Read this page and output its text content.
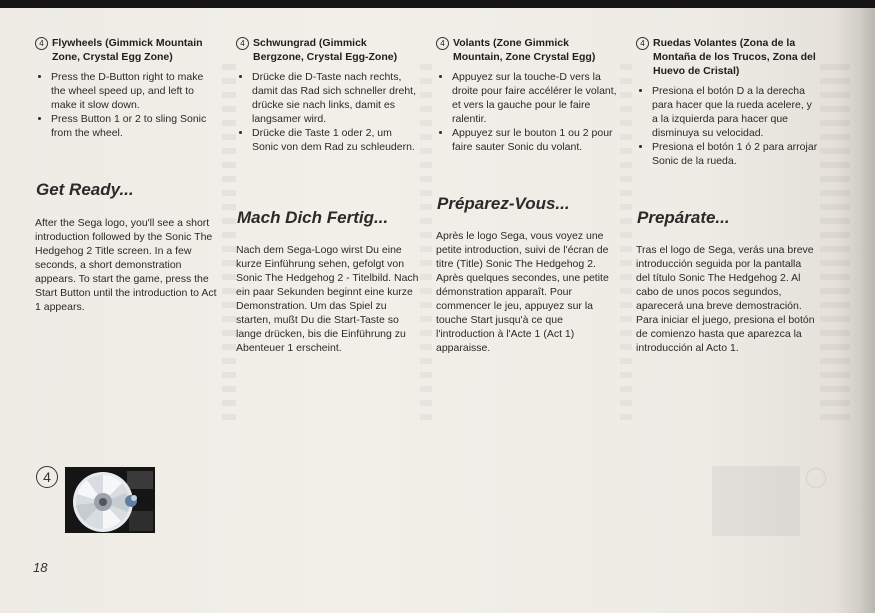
4 Flywheels (Gimmick Mountain Zone, Crystal Egg Zone)
• Press the D-Button right to make the wheel speed up, and left to make it slow down.
• Press Button 1 or 2 to sling Sonic from the wheel.
Get Ready...
After the Sega logo, you'll see a short introduction followed by the Sonic The Hedgehog 2 Title screen. In a few seconds, a short demonstration appears. To start the game, press the Start Button until the introduction to Act 1 appears.
4 Schwungrad (Gimmick Bergzone, Crystal Egg-Zone)
• Drücke die D-Taste nach rechts, damit das Rad sich schneller dreht, drücke sie nach links, damit es langsamer wird.
• Drücke die Taste 1 oder 2, um Sonic von dem Rad zu schleudern.
Mach Dich Fertig...
Nach dem Sega-Logo wirst Du eine kurze Einführung sehen, gefolgt von Sonic The Hedgehog 2 - Titelbild. Nach ein paar Sekunden beginnt eine kurze Demonstration. Um das Spiel zu starten, mußt Du die Start-Taste so lange drücken, bis die Einführung zu Abenteuer 1 erscheint.
4 Volants (Zone Gimmick Mountain, Zone Crystal Egg)
• Appuyez sur la touche-D vers la droite pour faire accélérer le volant, et vers la gauche pour le faire ralentir.
• Appuyez sur le bouton 1 ou 2 pour faire sauter Sonic du volant.
Préparez-Vous...
Après le logo Sega, vous voyez une petite introduction, suivi de l'écran de titre (Title) Sonic The Hedgehog 2. Après quelques secondes, une petite démonstration apparaît. Pour commencer le jeu, appuyez sur la touche Start jusqu'à ce que l'introduction à l'Acte 1 (Act 1) apparaisse.
4 Ruedas Volantes (Zona de la Montaña de los Trucos, Zona del Huevo de Cristal)
• Presiona el botón D a la derecha para hacer que la rueda acelere, y a la izquierda para hacer que disminuya su velocidad.
• Presiona el botón 1 ó 2 para arrojar Sonic de la rueda.
Prepárate...
Tras el logo de Sega, verás una breve introducción seguida por la pantalla del título Sonic The Hedgehog 2. Al cabo de unos pocos segundos, aparecerá una breve demostración. Para iniciar el juego, presiona el botón de comienzo hasta que aparezca la introducción al Acto 1.
4
18
